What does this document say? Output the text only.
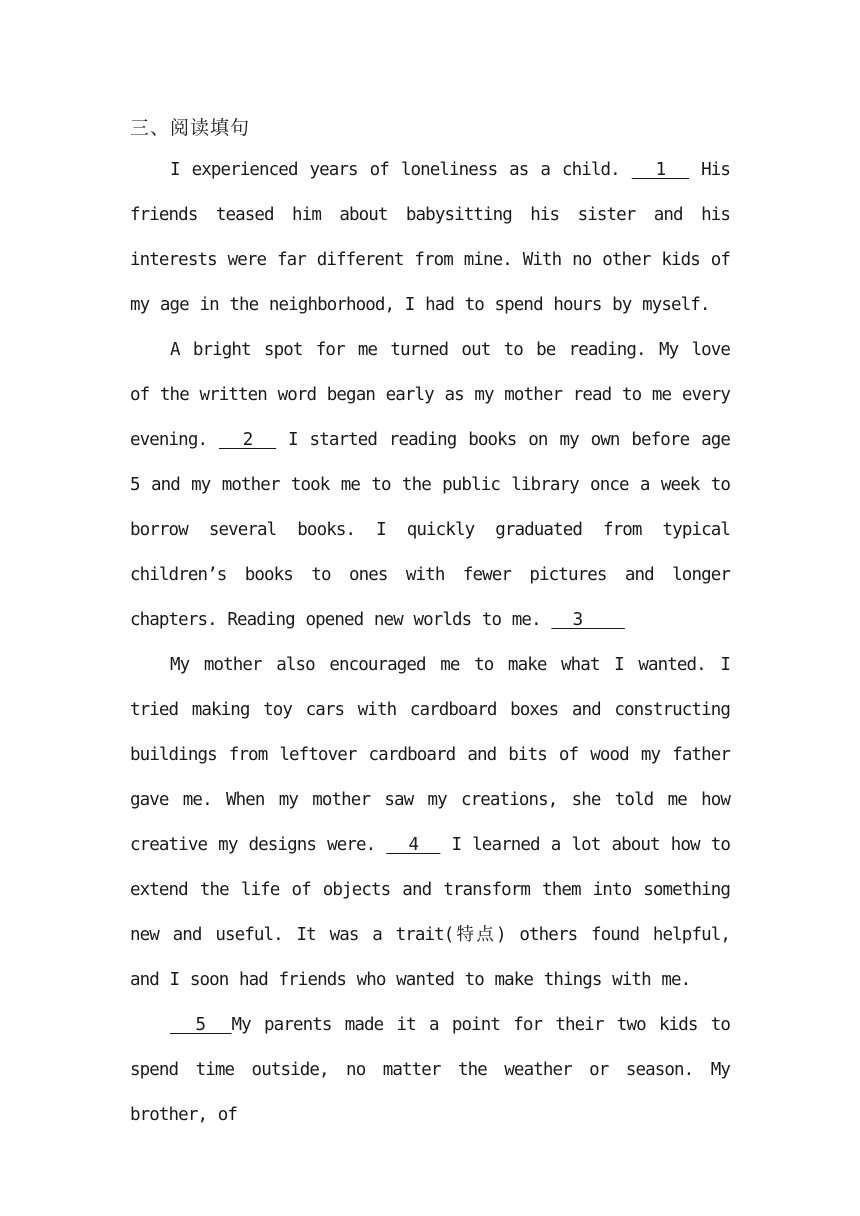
三、阅读填句

I experienced years of loneliness as a child.   1   His friends teased him about babysitting his sister and his interests were far different from mine. With no other kids of my age in the neighborhood, I had to spend hours by myself.

A bright spot for me turned out to be reading. My love of the written word began early as my mother read to me every evening.   2   I started reading books on my own before age 5 and my mother took me to the public library once a week to borrow several books. I quickly graduated from typical children’s books to ones with fewer pictures and longer chapters. Reading opened new worlds to me.   3

My mother also encouraged me to make what I wanted. I tried making toy cars with cardboard boxes and constructing buildings from leftover cardboard and bits of wood my father gave me. When my mother saw my creations, she told me how creative my designs were.   4   I learned a lot about how to extend the life of objects and transform them into something new and useful. It was a trait(特点) others found helpful, and I soon had friends who wanted to make things with me.

5  My parents made it a point for their two kids to spend time outside, no matter the weather or season. My brother, of
